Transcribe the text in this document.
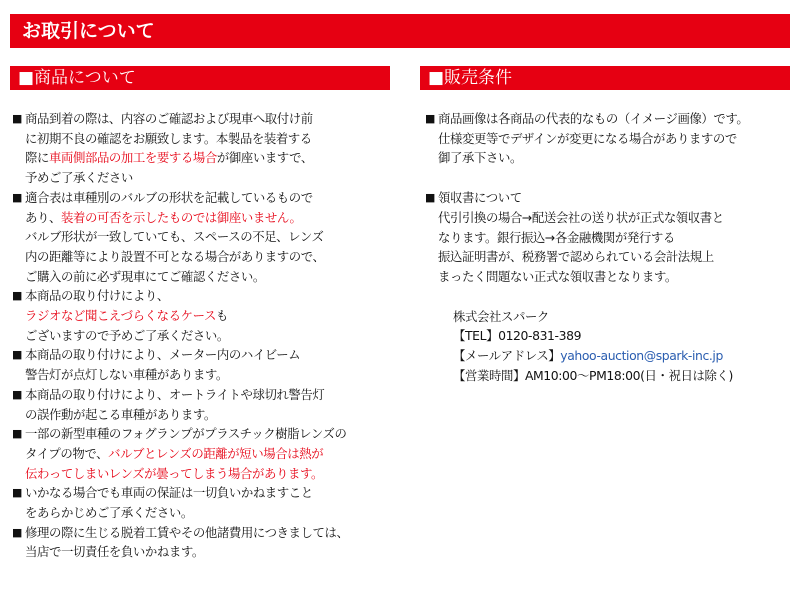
お取引について
■商品について	■販売条件
■ 商品到着の際は、内容のご確認および現車へ取付け前
に初期不良の確認をお願致します。本製品を装着する
際に車両側部品の加工を要する場合が御座いますで、
予めご了承ください
■ 適合表は車種別のバルブの形状を記載しているもので
あり、装着の可否を示したものでは御座いません。
バルブ形状が一致していても、スペースの不足、レンズ
内の距離等により設置不可となる場合がありますので、
ご購入の前に必ず現車にてご確認ください。
■ 本商品の取り付けにより、
ラジオなど聞こえづらくなるケースも
ございますので予めご了承ください。
■ 本商品の取り付けにより、メーター内のハイビーム
警告灯が点灯しない車種があります。
■ 本商品の取り付けにより、オートライトや球切れ警告灯
の誤作動が起こる車種があります。
■ 一部の新型車種のフォグランプがプラスチック樹脂レンズの
タイプの物で、バルブとレンズの距離が短い場合は熱が
伝わってしまいレンズが曇ってしまう場合があります。
■ いかなる場合でも車両の保証は一切負いかねますこと
をあらかじめご了承ください。
■ 修理の際に生じる脱着工賃やその他諸費用につきましては、
当店で一切責任を負いかねます。
■ 商品画像は各商品の代表的なもの（イメージ画像）です。
仕様変更等でデザインが変更になる場合がありますので
御了承下さい。
■ 領収書について
代引引換の場合→配送会社の送り状が正式な領収書と
なります。銀行振込→各金融機関が発行する
振込証明書が、税務署で認められている会計法規上
まったく問題ない正式な領収書となります。
株式会社スパーク
【TEL】0120-831-389
【メールアドレス】yahoo-auction@spark-inc.jp
【営業時間】AM10:00〜PM18:00(日・祝日は除く)
